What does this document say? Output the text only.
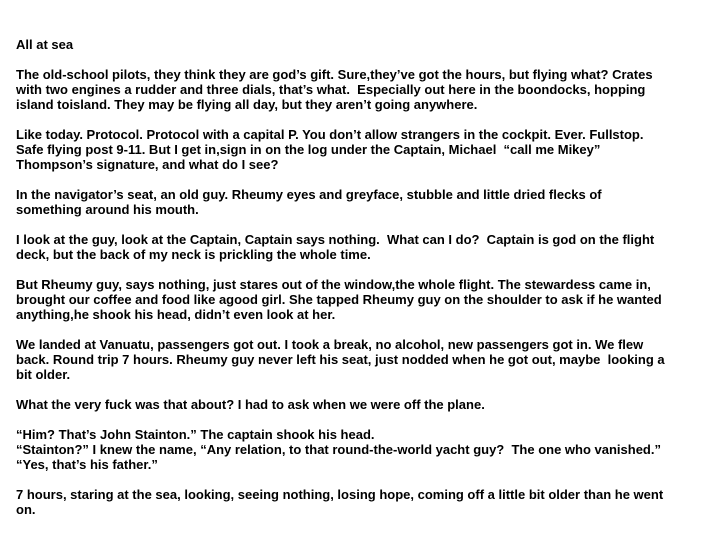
All at sea
The old-school pilots, they think they are god’s gift. Sure,they’ve got the hours, but flying what? Crates
with two engines a rudder and three dials, that’s what.  Especially out here in the boondocks, hopping
island toisland. They may be flying all day, but they aren’t going anywhere.
Like today. Protocol. Protocol with a capital P. You don’t allow strangers in the cockpit. Ever. Fullstop.
Safe flying post 9-11. But I get in,sign in on the log under the Captain, Michael  “call me Mikey”
Thompson’s signature, and what do I see?
In the navigator’s seat, an old guy. Rheumy eyes and greyface, stubble and little dried flecks of
something around his mouth.
I look at the guy, look at the Captain, Captain says nothing.  What can I do?  Captain is god on the flight
deck, but the back of my neck is prickling the whole time.
But Rheumy guy, says nothing, just stares out of the window,the whole flight. The stewardess came in,
brought our coffee and food like agood girl. She tapped Rheumy guy on the shoulder to ask if he wanted
anything,he shook his head, didn’t even look at her.
We landed at Vanuatu, passengers got out. I took a break, no alcohol, new passengers got in. We flew
back. Round trip 7 hours. Rheumy guy never left his seat, just nodded when he got out, maybe  looking a
bit older.
What the very fuck was that about? I had to ask when we were off the plane.
“Him? That’s John Stainton.” The captain shook his head.
“Stainton?” I knew the name, “Any relation, to that round-the-world yacht guy?  The one who vanished.”
“Yes, that’s his father.”
7 hours, staring at the sea, looking, seeing nothing, losing hope, coming off a little bit older than he went
on.
